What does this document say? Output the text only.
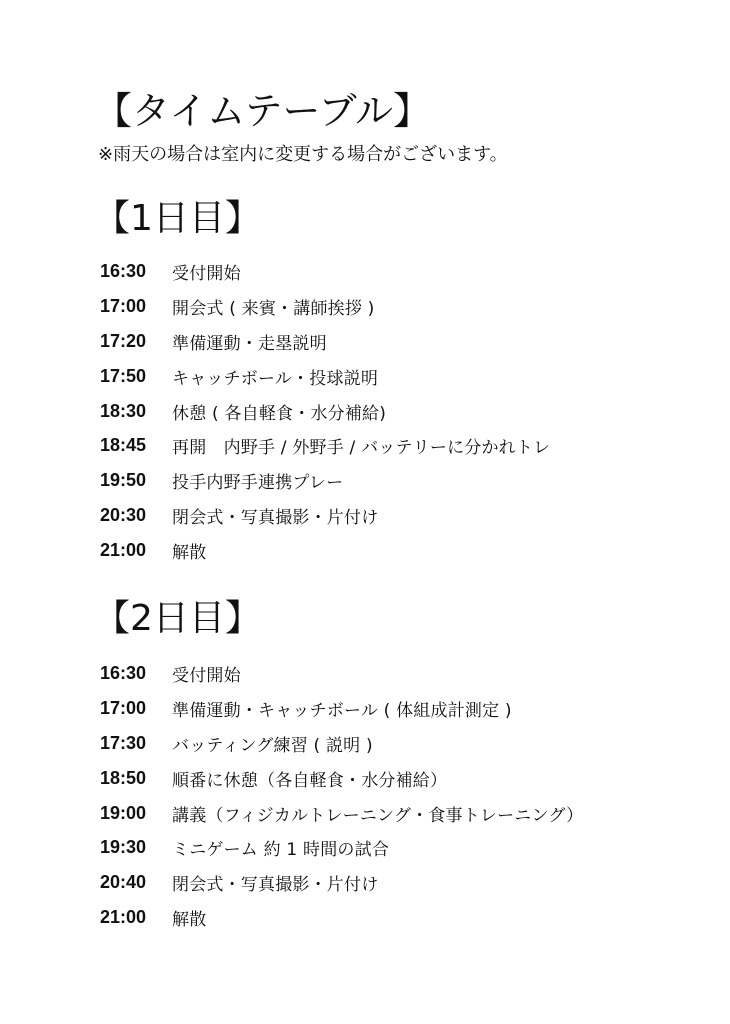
【タイムテーブル】
※雨天の場合は室内に変更する場合がございます。
【1日目】
16:30	受付開始
17:00	開会式 ( 来賓・講師挨拶 )
17:20	準備運動・走塁説明
17:50	キャッチボール・投球説明
18:30	休憩 ( 各自軽食・水分補給)
18:45	再開　内野手 / 外野手 / バッテリーに分かれトレ
19:50	投手内野手連携プレー
20:30	閉会式・写真撮影・片付け
21:00	解散
【2日目】
16:30	受付開始
17:00	準備運動・キャッチボール ( 体組成計測定 )
17:30	バッティング練習 ( 説明 )
18:50	順番に休憩（各自軽食・水分補給）
19:00	講義（フィジカルトレーニング・食事トレーニング）
19:30	ミニゲーム 約 1 時間の試合
20:40	閉会式・写真撮影・片付け
21:00	解散
